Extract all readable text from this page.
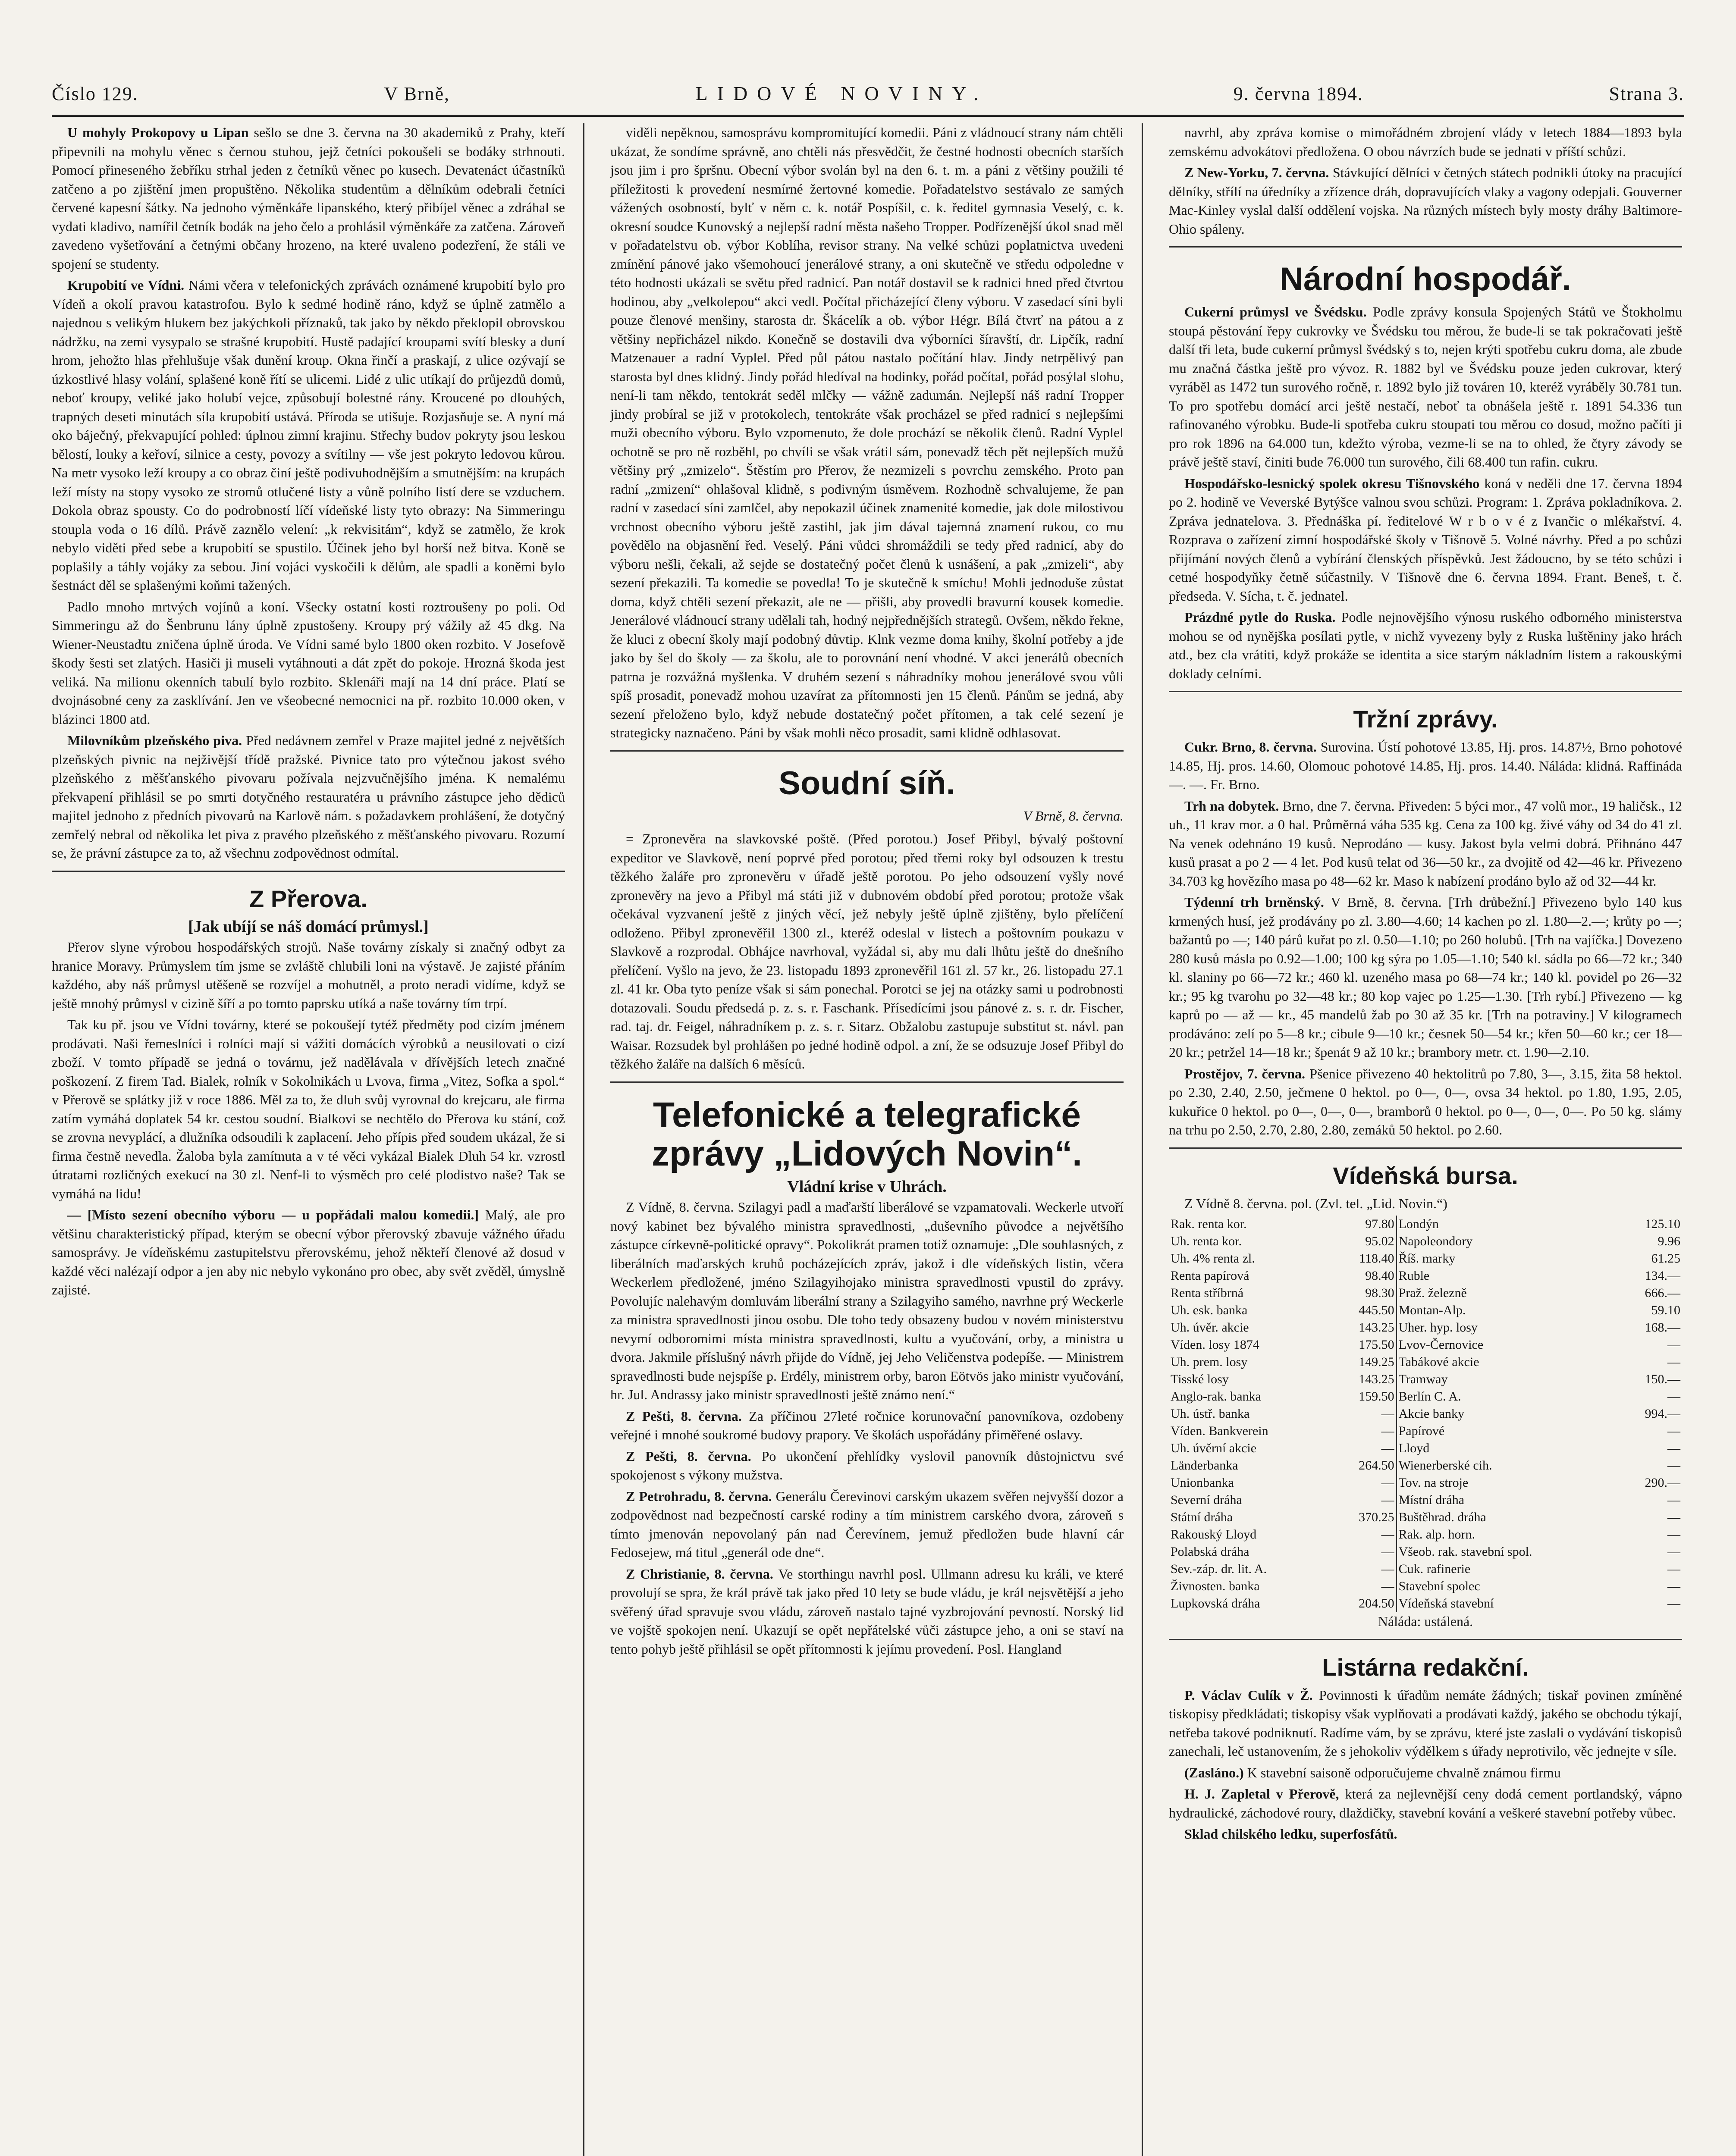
Číslo 129.	V Brně,	LIDOVÉ NOVINY.	9. června 1894.	Strana 3.

U mohyly Prokopovy u Lipan sešlo se dne 3. června na 30 akademiků z Prahy, kteří připevnili na mohylu věnec s černou stuhou, jejž četníci pokoušeli se bodáky strhnouti. Pomocí přineseného žebříku strhal jeden z četníků věnec po kusech. Devatenáct účastníků zatčeno a po zjištění jmen propuštěno. Několika studentům a dělníkům odebrali četníci červené kapesní šátky. Na jednoho výměnkáře lipanského, který přibíjel věnec a zdráhal se vydati kladivo, namířil četník bodák na jeho čelo a prohlásil výměnkáře za zatčena. Zároveň zavedeno vyšetřování a četnými občany hrozeno, na které uvaleno podezření, že stáli ve spojení se studenty.

Krupobití ve Vídni. Námi včera v telefonických zprávách oznámené krupobití bylo pro Vídeň a okolí pravou katastrofou. Bylo k sedmé hodině ráno, když se úplně zatmělo a najednou s velikým hlukem bez jakýchkoli příznaků, tak jako by někdo překlopil obrovskou nádržku, na zemi vysypalo se strašné krupobití. Hustě padající kroupami svítí blesky a duní hrom, jehožto hlas přehlušuje však dunění kroup. Okna řinčí a praskají, z ulice ozývají se úzkostlivé hlasy volání, splašené koně řítí se ulicemi. Lidé z ulic utíkají do průjezdů domů, neboť kroupy, veliké jako holubí vejce, způsobují bolestné rány. Kroucené po dlouhých, trapných deseti minutách síla krupobití ustává. Příroda se utišuje. Rozjasňuje se. A nyní má oko báječný, překvapující pohled: úplnou zimní krajinu. Střechy budov pokryty jsou leskou bělostí, louky a keřoví, silnice a cesty, povozy a svítilny — vše jest pokryto ledovou kůrou. Na metr vysoko leží kroupy a co obraz činí ještě podivuhodnějším a smutnějším: na krupách leží místy na stopy vysoko ze stromů otlučené listy a vůně polního listí dere se vzduchem. Dokola obraz spousty. Co do podrobností líčí vídeňské listy tyto obrazy: Na Simmeringu stoupla voda o 16 dílů. Právě zaznělo velení: „k rekvisitám“, když se zatmělo, že krok nebylo viděti před sebe a krupobití se spustilo. Účinek jeho byl horší než bitva. Koně se poplašily a táhly vojáky za sebou. Jiní vojáci vyskočili k dělům, ale spadli a koněmi bylo šestnáct děl se splašenými koňmi tažených.

Padlo mnoho mrtvých vojínů a koní. Všecky ostatní kosti roztroušeny po poli. Od Simmeringu až do Šenbrunu lány úplně zpustošeny. Kroupy prý vážily až 45 dkg. Na Wiener-Neustadtu zničena úplně úroda. Ve Vídni samé bylo 1800 oken rozbito. V Josefově škody šesti set zlatých. Hasiči ji museli vytáhnouti a dát zpět do pokoje. Hrozná škoda jest veliká. Na milionu okenních tabulí bylo rozbito. Sklenáři mají na 14 dní práce. Platí se dvojnásobné ceny za zasklívání. Jen ve všeobecné nemocnici na př. rozbito 10.000 oken, v blázinci 1800 atd.

Milovníkům plzeňského piva. Před nedávnem zemřel v Praze majitel jedné z největších plzeňských pivnic na nejživější třídě pražské. Pivnice tato pro výtečnou jakost svého plzeňského z měšťanského pivovaru požívala nejzvučnějšího jména. K nemalému překvapení přihlásil se po smrti dotyčného restauratéra u právního zástupce jeho dědiců majitel jednoho z předních pivovarů na Karlově nám. s požadavkem prohlášení, že dotyčný zemřelý nebral od několika let piva z pravého plzeňského z měšťanského pivovaru. Rozumí se, že právní zástupce za to, až všechnu zodpovědnost odmítal.

Z Přerova.
[Jak ubíjí se náš domácí průmysl.]

Přerov slyne výrobou hospodářských strojů. Naše továrny získaly si značný odbyt za hranice Moravy. Průmyslem tím jsme se zvláště chlubili loni na výstavě. Je zajisté přáním každého, aby náš průmysl utěšeně se rozvíjel a mohutněl, a proto neradi vidíme, když se ještě mnohý průmysl v cizině šíří a po tomto paprsku utíká a naše továrny tím trpí.

Tak ku př. jsou ve Vídni továrny, které se pokoušejí tytéž předměty pod cizím jménem prodávati. Naši řemeslníci i rolníci mají si vážiti domácích výrobků a neusilovati o cizí zboží. V tomto případě se jedná o továrnu, jež nadělávala v dřívějších letech značné poškození. Z firem Tad. Bialek, rolník v Sokolnikách u Lvova, firma „Vitez, Sofka a spol.“ v Přerově se splátky již v roce 1886. Měl za to, že dluh svůj vyrovnal do krejcaru, ale firma zatím vymáhá doplatek 54 kr. cestou soudní. Bialkovi se nechtělo do Přerova ku stání, což se zrovna nevyplácí, a dlužníka odsoudili k zaplacení. Jeho přípis před soudem ukázal, že si firma čestně nevedla. Žaloba byla zamítnuta a v té věci vykázal Bialek Dluh 54 kr. vzrostl útratami rozličných exekucí na 30 zl. Nenf-li to výsměch pro celé plodistvo naše? Tak se vymáhá na lidu!

— [Místo sezení obecního výboru — u popřádali malou komedii.] Malý, ale pro většinu charakteristický případ, kterým se obecní výbor přerovský zbavuje vážného úřadu samosprávy. Je vídeňskému zastupitelstvu přerovskému, jehož někteří členové až dosud v každé věci nalézají odpor a jen aby nic nebylo vykonáno pro obec, aby svět zvěděl, úmyslně zajisté.

viděli nepěknou, samosprávu kompromitující komedii. Páni z vládnoucí strany nám chtěli ukázat, že sondíme správně, ano chtěli nás přesvědčit, že čestné hodnosti obecních starších jsou jim i pro špršnu. Obecní výbor svolán byl na den 6. t. m. a páni z většiny použili té příležitosti k provedení nesmírné žertovné komedie. Pořadatelstvo sestávalo ze samých vážených osobností, bylť v něm c. k. notář Pospíšil, c. k. ředitel gymnasia Veselý, c. k. okresní soudce Kunovský a nejlepší radní města našeho Tropper. Podřízenější úkol snad měl v pořadatelstvu ob. výbor Koblíha, revisor strany. Na velké schůzi poplatnictva uvedeni zmínění pánové jako všemohoucí jenerálové strany, a oni skutečně ve středu odpoledne v této hodnosti ukázali se světu před radnicí. Pan notář dostavil se k radnici hned před čtvrtou hodinou, aby „velkolepou“ akci vedl. Počítal přicházející členy výboru. V zasedací síni byli pouze členové menšiny, starosta dr. Škácelík a ob. výbor Hégr. Bílá čtvrť na pátou a z většiny nepřicházel nikdo. Konečně se dostavili dva výborníci šíravští, dr. Lipčík, radní Matzenauer a radní Vyplel. Před půl pátou nastalo počítání hlav. Jindy netrpělivý pan starosta byl dnes klidný. Jindy pořád hledíval na hodinky, pořád počítal, pořád posýlal slohu, není-li tam někdo, tentokrát seděl mlčky — vážně zadumán. Nejlepší náš radní Tropper jindy probíral se již v protokolech, tentokráte však procházel se před radnicí s nejlepšími muži obecního výboru. Bylo vzpomenuto, že dole prochází se několik členů. Radní Vyplel ochotně se pro ně rozběhl, po chvíli se však vrátil sám, ponevadž těch pět nejlepších mužů většiny prý „zmizelo“. Štěstím pro Přerov, že nezmizeli s povrchu zemského. Proto pan radní „zmizení“ ohlašoval klidně, s podivným úsměvem. Rozhodně schvalujeme, že pan radní v zasedací síni zamlčel, aby nepokazil účinek znamenité komedie, jak dole milostivou vrchnost obecního výboru ještě zastihl, jak jim dával tajemná znamení rukou, co mu povědělo na objasnění řed. Veselý. Páni vůdci shromáždili se tedy před radnicí, aby do výboru nešli, čekali, až sejde se dostatečný počet členů k usnášení, a pak „zmizeli“, aby sezení překazili. Ta komedie se povedla! To je skutečně k smíchu! Mohli jednoduše zůstat doma, když chtěli sezení překazit, ale ne — přišli, aby provedli bravurní kousek komedie. Jenerálové vládnoucí strany udělali tah, hodný nejpřednějších strategů. Ovšem, někdo řekne, že kluci z obecní školy mají podobný důvtip. Klnk vezme doma knihy, školní potřeby a jde jako by šel do školy — za školu, ale to porovnání není vhodné. V akci jenerálů obecních patrna je rozvážná myšlenka. V druhém sezení s náhradníky mohou jenerálové svou vůli spíš prosadit, ponevadž mohou uzavírat za přítomnosti jen 15 členů. Pánům se jedná, aby sezení přeloženo bylo, když nebude dostatečný počet přítomen, a tak celé sezení je strategicky naznačeno. Páni by však mohli něco prosadit, sami klidně odhlasovat.

Soudní síň.
V Brně, 8. června.

= Zpronevěra na slavkovské poště. (Před porotou.) Josef Přibyl, bývalý poštovní expeditor ve Slavkově, není poprvé před porotou; před třemi roky byl odsouzen k trestu těžkého žaláře pro zpronevěru v úřadě ještě porotou. Po jeho odsouzení vyšly nové zpronevěry na jevo a Přibyl má státi již v dubnovém období před porotou; protože však očekával vyzvanení ještě z jiných věcí, jež nebyly ještě úplně zjištěny, bylo přelíčení odloženo. Přibyl zpronevěřil 1300 zl., kteréž odeslal v listech a poštovním poukazu v Slavkově a rozprodal. Obhájce navrhoval, vyžádal si, aby mu dali lhůtu ještě do dnešního přelíčení. Vyšlo na jevo, že 23. listopadu 1893 zpronevěřil 161 zl. 57 kr., 26. listopadu 27.1 zl. 41 kr. Oba tyto peníze však si sám ponechal. Porotci se jej na otázky sami u podrobnosti dotazovali. Soudu předsedá p. z. s. r. Faschank. Přísedícími jsou pánové z. s. r. dr. Fischer, rad. taj. dr. Feigel, náhradníkem p. z. s. r. Sitarz. Obžalobu zastupuje substitut st. návl. pan Waisar. Rozsudek byl prohlášen po jedné hodině odpol. a zní, že se odsuzuje Josef Přibyl do těžkého žaláře na dalších 6 měsíců.

Telefonické a telegrafické zprávy „Lidových Novin“.
Vládní krise v Uhrách.

Z Vídně, 8. června. Szilagyi padl a maďarští liberálové se vzpamatovali. Weckerle utvoří nový kabinet bez bývalého ministra spravedlnosti, „duševního původce a největšího zástupce církevně-politické opravy“. Pokolikrát pramen totiž oznamuje: „Dle souhlasných, z liberálních maďarských kruhů pocházejících zpráv, jakož i dle vídeňských listin, včera Weckerlem předložené, jméno Szilagyihojako ministra spravedlnosti vpustil do zprávy. Povolujíc nalehavým domluvám liberální strany a Szilagyiho samého, navrhne prý Weckerle za ministra spravedlnosti jinou osobu. Dle toho tedy obsazeny budou v novém ministerstvu nevymí odboromimi místa ministra spravedlnosti, kultu a vyučování, orby, a ministra u dvora. Jakmile příslušný návrh přijde do Vídně, jej Jeho Veličenstva podepíše. — Ministrem spravedlnosti bude nejspíše p. Erdély, ministrem orby, baron Eötvös jako ministr vyučování, hr. Jul. Andrassy jako ministr spravedlnosti ještě známo není.“

Z Pešti, 8. června. Za příčinou 27leté ročnice korunovační panovníkova, ozdobeny veřejné i mnohé soukromé budovy prapory. Ve školách uspořádány přiměřené oslavy.

Z Pešti, 8. června. Po ukončení přehlídky vyslovil panovník důstojnictvu své spokojenost s výkony mužstva.

Z Petrohradu, 8. června. Generálu Čerevinovi carským ukazem svěřen nejvyšší dozor a zodpovědnost nad bezpečností carské rodiny a tím ministrem carského dvora, zároveň s tímto jmenován nepovolaný pán nad Čerevínem, jemuž předložen bude hlavní cár Fedosejew, má titul „generál ode dne“.

Z Christianie, 8. června. Ve storthingu navrhl posl. Ullmann adresu ku králi, ve které provolují se spra, že král právě tak jako před 10 lety se bude vládu, je král nejsvětější a jeho svěřený úřad spravuje svou vládu, zároveň nastalo tajné vyzbrojování pevností. Norský lid ve vojště spokojen není. Ukazují se opět nepřátelské vůči zástupce jeho, a oni se staví na tento pohyb ještě přihlásil se opět přítomnosti k jejímu provedení. Posl. Hangland

navrhl, aby zpráva komise o mimořádném zbrojení vlády v letech 1884—1893 byla zemskému advokátovi předložena. O obou návrzích bude se jednati v příští schůzi.

Z New-Yorku, 7. června. Stávkující dělníci v četných státech podnikli útoky na pracující dělníky, střílí na úředníky a zřízence dráh, dopravujících vlaky a vagony odepjali. Gouverner Mac-Kinley vyslal další oddělení vojska. Na různých místech byly mosty dráhy Baltimore-Ohio spáleny.

Národní hospodář.

Cukerní průmysl ve Švédsku. Podle zprávy konsula Spojených Států ve Štokholmu stoupá pěstování řepy cukrovky ve Švédsku tou měrou, že bude-li se tak pokračovati ještě další tři leta, bude cukerní průmysl švédský s to, nejen krýti spotřebu cukru doma, ale zbude mu značná částka ještě pro vývoz. R. 1882 byl ve Švédsku pouze jeden cukrovar, který vyráběl as 1472 tun surového ročně, r. 1892 bylo již továren 10, kteréž vyráběly 30.781 tun. To pro spotřebu domácí arci ještě nestačí, neboť ta obnášela ještě r. 1891 54.336 tun rafinovaného výrobku. Bude-li spotřeba cukru stoupati tou měrou co dosud, možno pačíti ji pro rok 1896 na 64.000 tun, kdežto výroba, vezme-li se na to ohled, že čtyry závody se právě ještě staví, činiti bude 76.000 tun surového, čili 68.400 tun rafin. cukru.

Hospodářsko-lesnický spolek okresu Tišnovského koná v neděli dne 17. června 1894 po 2. hodině ve Veverské Bytýšce valnou svou schůzi. Program: 1. Zpráva pokladníkova. 2. Zpráva jednatelova. 3. Přednáška pí. ředitelové W r b o v é z Ivančic o mlékařství. 4. Rozprava o zařízení zimní hospodářské školy v Tišnově 5. Volné návrhy. Před a po schůzi přijímání nových členů a vybírání členských příspěvků. Jest žádoucno, by se této schůzi i cetné hospodyňky četně súčastnily. V Tišnově dne 6. června 1894. Frant. Beneš, t. č. předseda. V. Sícha, t. č. jednatel.

Prázdné pytle do Ruska. Podle nejnovějšího výnosu ruského odborného ministerstva mohou se od nynějška posílati pytle, v nichž vyvezeny byly z Ruska luštěniny jako hrách atd., bez cla vrátiti, když prokáže se identita a sice starým nákladním listem a rakouskými doklady celními.

Tržní zprávy.

Cukr. Brno, 8. června. Surovina. Ústí pohotové 13.85, Hj. pros. 14.87½, Brno pohotové 14.85, Hj. pros. 14.60, Olomouc pohotové 14.85, Hj. pros. 14.40. Náláda: klidná. Raffináda —. —. Fr. Brno.

Trh na dobytek. Brno, dne 7. června. Přiveden: 5 býci mor., 47 volů mor., 19 haličsk., 12 uh., 11 krav mor. a 0 hal. Průměrná váha 535 kg. Cena za 100 kg. živé váhy od 34 do 41 zl. Na venek odehnáno 19 kusů. Neprodáno — kusy. Jakost byla velmi dobrá. Přihnáno 447 kusů prasat a po 2 — 4 let. Pod kusů telat od 36—50 kr., za dvojitě od 42—46 kr. Přivezeno 34.703 kg hovězího masa po 48—62 kr. Maso k nabízení prodáno bylo až od 32—44 kr.

Týdenní trh brněnský. V Brně, 8. června. [Trh drůbežní.] Přivezeno bylo 140 kus krmených husí, jež prodávány po zl. 3.80—4.60; 14 kachen po zl. 1.80—2.—; krůty po —; bažantů po —; 140 párů kuřat po zl. 0.50—1.10; po 260 holubů. [Trh na vajíčka.] Dovezeno 280 kusů másla po 0.92—1.00; 100 kg sýra po 1.05—1.10; 540 kl. sádla po 66—72 kr.; 340 kl. slaniny po 66—72 kr.; 460 kl. uzeného masa po 68—74 kr.; 140 kl. povidel po 26—32 kr.; 95 kg tvarohu po 32—48 kr.; 80 kop vajec po 1.25—1.30. [Trh rybí.] Přivezeno — kg kaprů po — až — kr., 45 mandelů žab po 30 až 35 kr. [Trh na potraviny.] V kilogramech prodáváno: zelí po 5—8 kr.; cibule 9—10 kr.; česnek 50—54 kr.; křen 50—60 kr.; cer 18—20 kr.; petržel 14—18 kr.; špenát 9 až 10 kr.; brambory metr. ct. 1.90—2.10.

Prostějov, 7. června. Pšenice přivezeno 40 hektolitrů po 7.80, 3—, 3.15, žita 58 hektol. po 2.30, 2.40, 2.50, ječmene 0 hektol. po 0—, 0—, ovsa 34 hektol. po 1.80, 1.95, 2.05, kukuřice 0 hektol. po 0—, 0—, 0—, bramborů 0 hektol. po 0—, 0—, 0—. Po 50 kg. slámy na trhu po 2.50, 2.70, 2.80, 2.80, zemáků 50 hektol. po 2.60.

Vídeňská bursa.

Z Vídně 8. června. pol. (Zvl. tel. „Lid. Novin.“)

Rak. renta kor.	97.80	Londýn	125.10
Uh. renta kor.	95.02	Napoleondory	9.96
Uh. 4% renta zl.	118.40	Říš. marky	61.25
Renta papírová	98.40	Ruble	134.—
Renta stříbrná	98.30	Praž. železně	666.—
Uh. esk. banka	445.50	Montan-Alp.	59.10
Uh. úvěr. akcie	143.25	Uher. hyp. losy	168.—
Víden. losy 1874	175.50	Lvov-Černovice	—
Uh. prem. losy	149.25	Tabákové akcie	—
Tisské losy	143.25	Tramway	150.—
Anglo-rak. banka	159.50	Berlín C. A.	—
Uh. ústř. banka	—	Akcie banky	994.—
Víden. Bankverein	—	Papírové	—
Uh. úvěrní akcie	—	Lloyd	—
Länderbanka	264.50	Wienerberské cih.	—
Unionbanka	—	Tov. na stroje	290.—
Severní dráha	—	Místní dráha	—
Státní dráha	370.25	Buštěhrad. dráha	—
Rakouský Lloyd	—	Rak. alp. horn.	—
Polabská dráha	—	Všeob. rak. stavební spol.	—
Sev.-záp. dr. lit. A.	—	Cuk. rafinerie	—
Živnosten. banka	—	Stavební spolec	—
Lupkovská dráha	204.50	Vídeňská stavební	—

Náláda: ustálená.

Listárna redakční.

P. Václav Culík v Ž. Povinnosti k úřadům nemáte žádných; tiskař povinen zmíněné tiskopisy předkládati; tiskopisy však vyplňovati a prodávati každý, jakého se obchodu týkají, netřeba takové podniknutí. Radíme vám, by se zprávu, které jste zaslali o vydávání tiskopisů zanechali, leč ustanovením, že s jehokoliv výdělkem s úřady neprotivilo, věc jednejte v síle.

(Zasláno.) K stavební saisoně odporučujeme chvalně známou firmu

H. J. Zapletal v Přerově, která za nejlevnější ceny dodá cement portlandský, vápno hydraulické, záchodové roury, dlaždičky, stavební kování a veškeré stavební potřeby vůbec.

Sklad chilského ledku, superfosfátů.
